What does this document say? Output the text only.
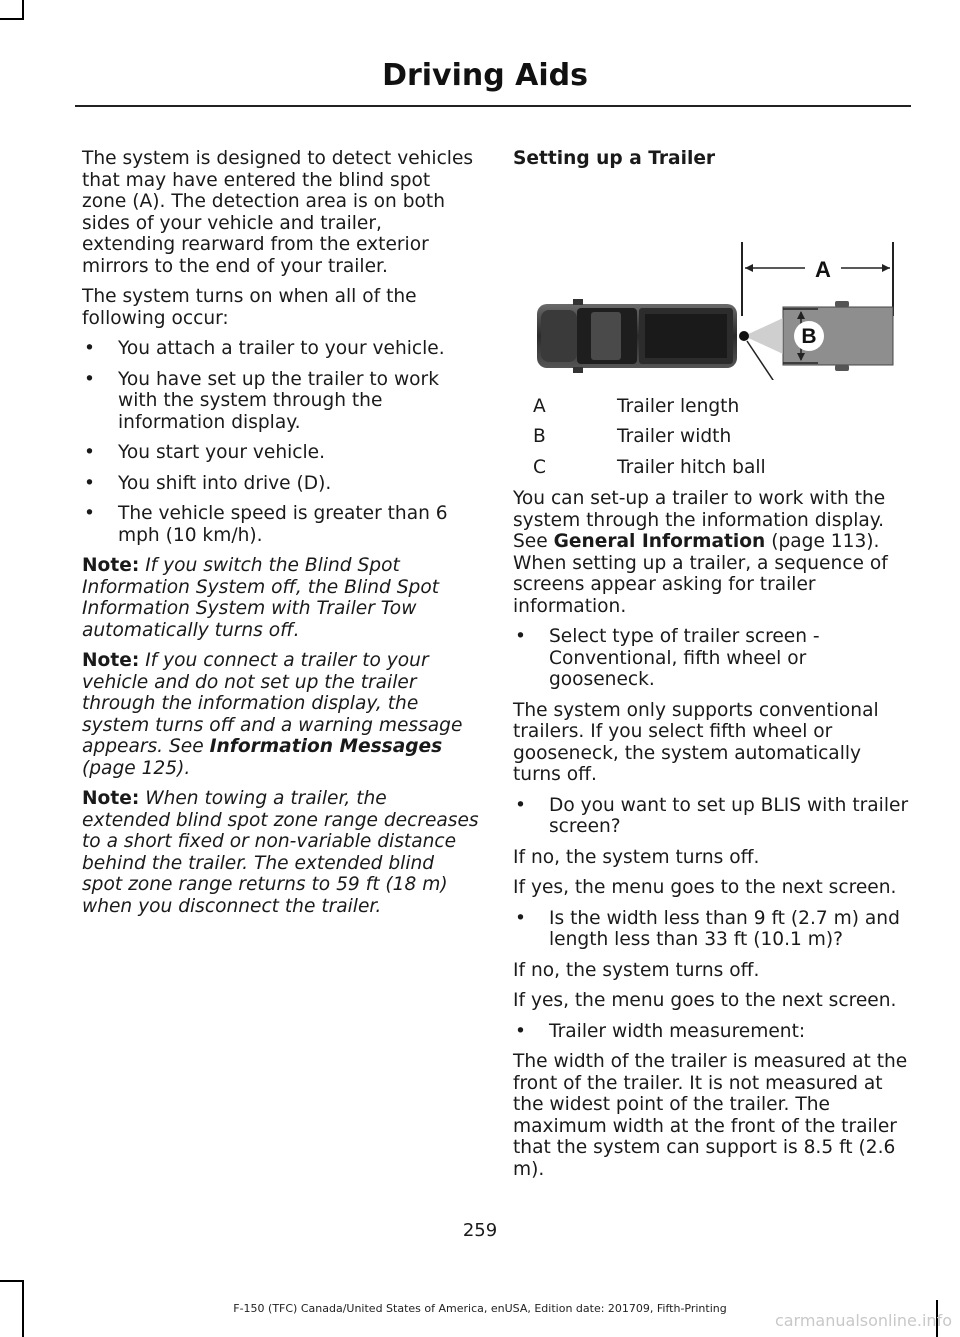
Driving Aids

The system is designed to detect vehicles that may have entered the blind spot zone (A). The detection area is on both sides of your vehicle and trailer, extending rearward from the exterior mirrors to the end of your trailer.

The system turns on when all of the following occur:

•	You attach a trailer to your vehicle.
•	You have set up the trailer to work with the system through the information display.
•	You start your vehicle.
•	You shift into drive (D).
•	The vehicle speed is greater than 6 mph (10 km/h).

Note: If you switch the Blind Spot Information System off, the Blind Spot Information System with Trailer Tow automatically turns off.

Note: If you connect a trailer to your vehicle and do not set up the trailer through the information display, the system turns off and a warning message appears. See Information Messages (page 125).

Note: When towing a trailer, the extended blind spot zone range decreases to a short fixed or non-variable distance behind the trailer. The extended blind spot zone range returns to 59 ft (18 m) when you disconnect the trailer.

Setting up a Trailer

B
A
A	Trailer length
B	Trailer width
C	Trailer hitch ball

You can set-up a trailer to work with the system through the information display. See General Information (page 113). When setting up a trailer, a sequence of screens appear asking for trailer information.

•	Select type of trailer screen - Conventional, fifth wheel or gooseneck.

The system only supports conventional trailers. If you select fifth wheel or gooseneck, the system automatically turns off.

•	Do you want to set up BLIS with trailer screen?

If no, the system turns off.

If yes, the menu goes to the next screen.

•	Is the width less than 9 ft (2.7 m) and length less than 33 ft (10.1 m)?

If no, the system turns off.

If yes, the menu goes to the next screen.

•	Trailer width measurement:

The width of the trailer is measured at the front of the trailer. It is not measured at the widest point of the trailer. The maximum width at the front of the trailer that the system can support is 8.5 ft (2.6 m).

259
F-150 (TFC) Canada/United States of America, enUSA, Edition date: 201709, Fifth-Printing
carmanualsonline.info
